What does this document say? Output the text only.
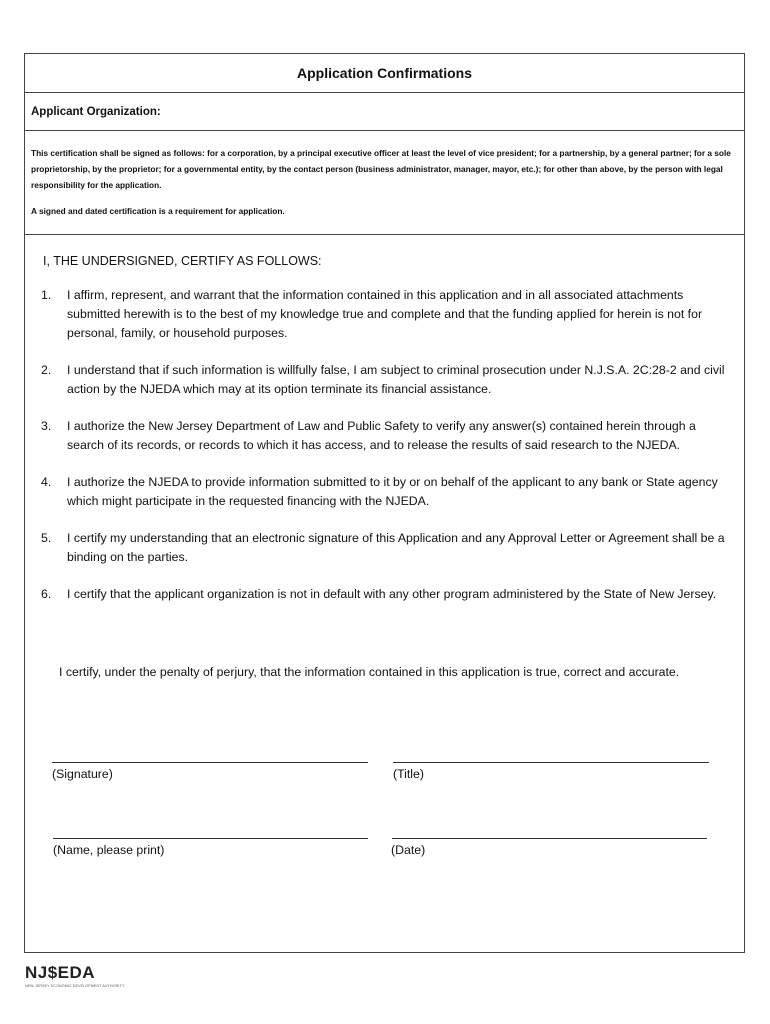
Application Confirmations
Applicant Organization:

This certification shall be signed as follows: for a corporation, by a principal executive officer at least the level of vice president; for a partnership, by a general partner; for a sole proprietorship, by the proprietor; for a governmental entity, by the contact person (business administrator, manager, mayor, etc.); for other than above, by the person with legal responsibility for the application.

A signed and dated certification is a requirement for application.

I, THE UNDERSIGNED, CERTIFY AS FOLLOWS:
1. I affirm, represent, and warrant that the information contained in this application and in all associated attachments submitted herewith is to the best of my knowledge true and complete and that the funding applied for herein is not for personal, family, or household purposes.
2. I understand that if such information is willfully false, I am subject to criminal prosecution under N.J.S.A. 2C:28-2 and civil action by the NJEDA which may at its option terminate its financial assistance.
3. I authorize the New Jersey Department of Law and Public Safety to verify any answer(s) contained herein through a search of its records, or records to which it has access, and to release the results of said research to the NJEDA.
4. I authorize the NJEDA to provide information submitted to it by or on behalf of the applicant to any bank or State agency which might participate in the requested financing with the NJEDA.
5. I certify my understanding that an electronic signature of this Application and any Approval Letter or Agreement shall be a binding on the parties.
6. I certify that the applicant organization is not in default with any other program administered by the State of New Jersey.
I certify, under the penalty of perjury, that the information contained in this application is true, correct and accurate.
(Signature)	(Title)
(Name, please print)	(Date)
NJ$EDA
NEW JERSEY ECONOMIC DEVELOPMENT AUTHORITY
